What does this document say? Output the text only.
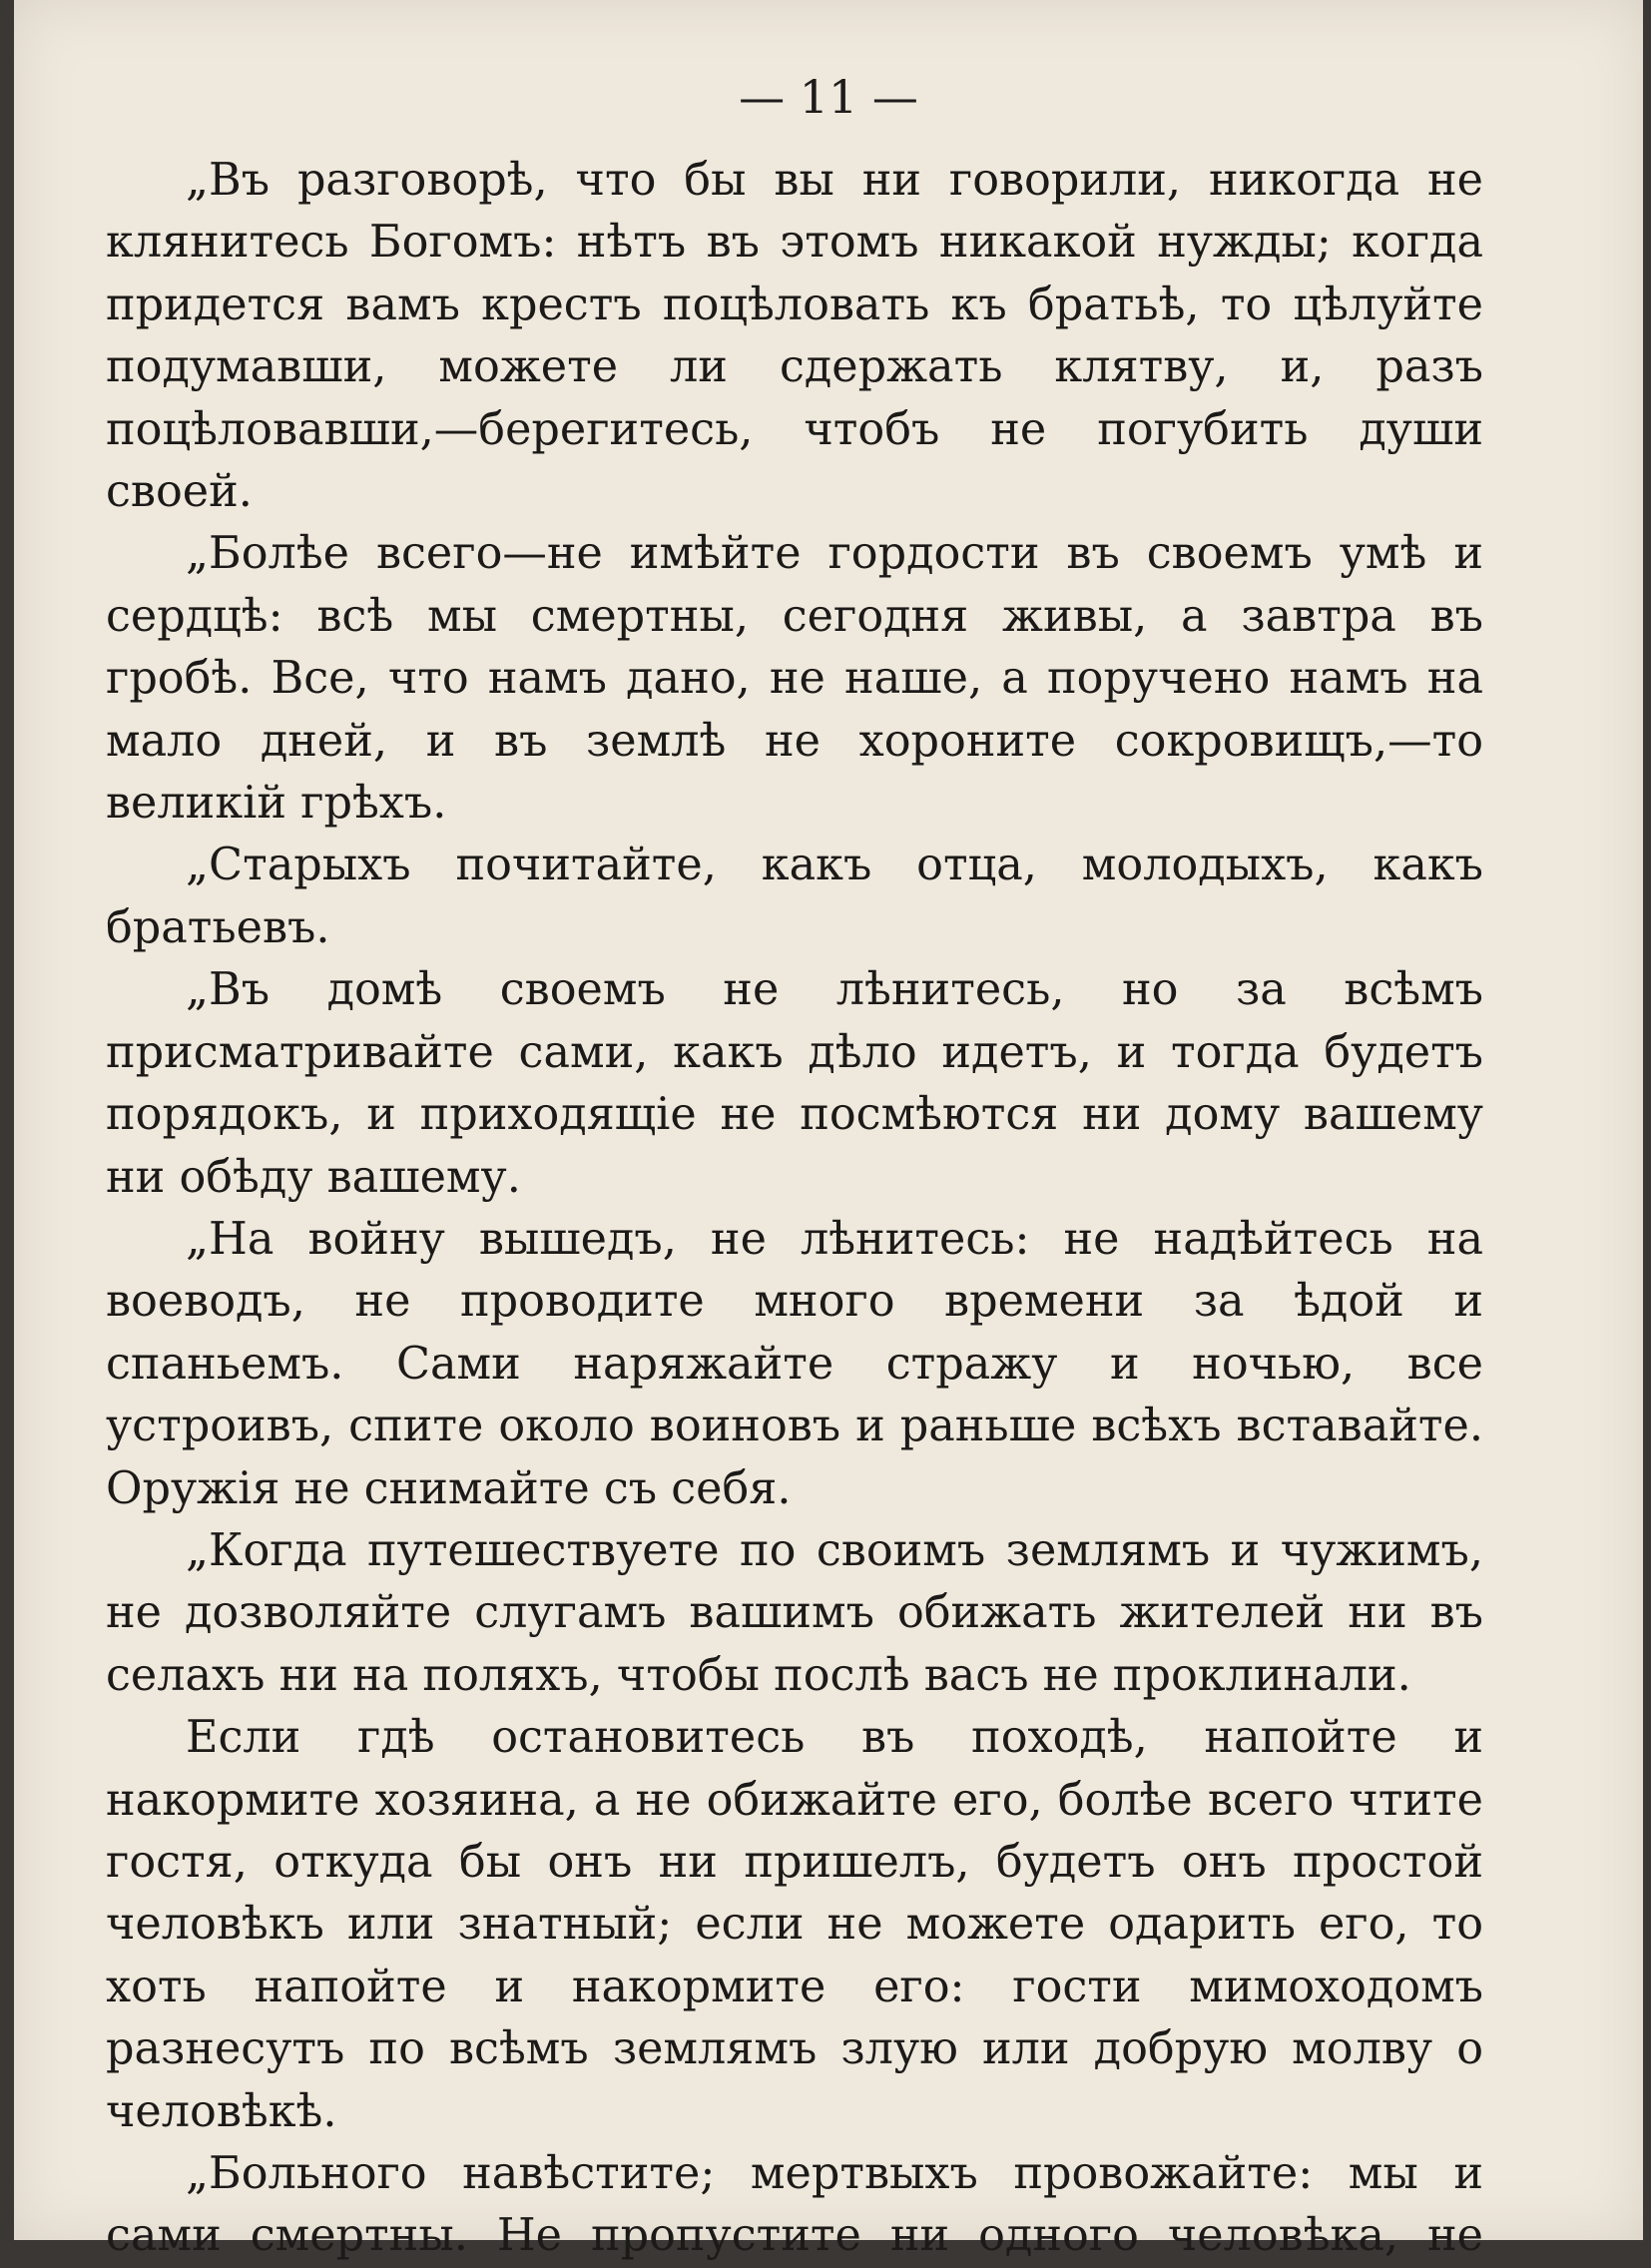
— 11 —

„Въ разговорѣ, что бы вы ни говорили, никогда не клянитесь Богомъ: нѣтъ въ этомъ никакой нужды; когда придется вамъ крестъ поцѣловать къ братьѣ, то цѣлуйте подумавши, можете ли сдержать клятву, и, разъ поцѣловавши,—берегитесь, чтобъ не погубить души своей.

„Болѣе всего—не имѣйте гордости въ своемъ умѣ и сердцѣ: всѣ мы смертны, сегодня живы, а завтра въ гробѣ. Все, что намъ дано, не наше, а поручено намъ на мало дней, и въ землѣ не хороните сокровищъ,—то великій грѣхъ.

„Старыхъ почитайте, какъ отца, молодыхъ, какъ братьевъ.

„Въ домѣ своемъ не лѣнитесь, но за всѣмъ присматривайте сами, какъ дѣло идетъ, и тогда будетъ порядокъ, и приходящіе не посмѣются ни дому вашему ни обѣду вашему.

„На войну вышедъ, не лѣнитесь: не надѣйтесь на воеводъ, не проводите много времени за ѣдой и спаньемъ. Сами наряжайте стражу и ночью, все устроивъ, спите около воиновъ и раньше всѣхъ вставайте. Оружія не снимайте съ себя.

„Когда путешествуете по своимъ землямъ и чужимъ, не дозволяйте слугамъ вашимъ обижать жителей ни въ селахъ ни на поляхъ, чтобы послѣ васъ не проклинали.

Если гдѣ остановитесь въ походѣ, напойте и накормите хозяина, а не обижайте его, болѣе всего чтите гостя, откуда бы онъ ни пришелъ, будетъ онъ простой человѣкъ или знатный; если не можете одарить его, то хоть напойте и накормите его: гости мимоходомъ разнесутъ по всѣмъ землямъ злую или добрую молву о человѣкѣ.

„Больного навѣстите; мертвыхъ провожайте: мы и сами смертны. Не пропустите ни одного человѣка, не
